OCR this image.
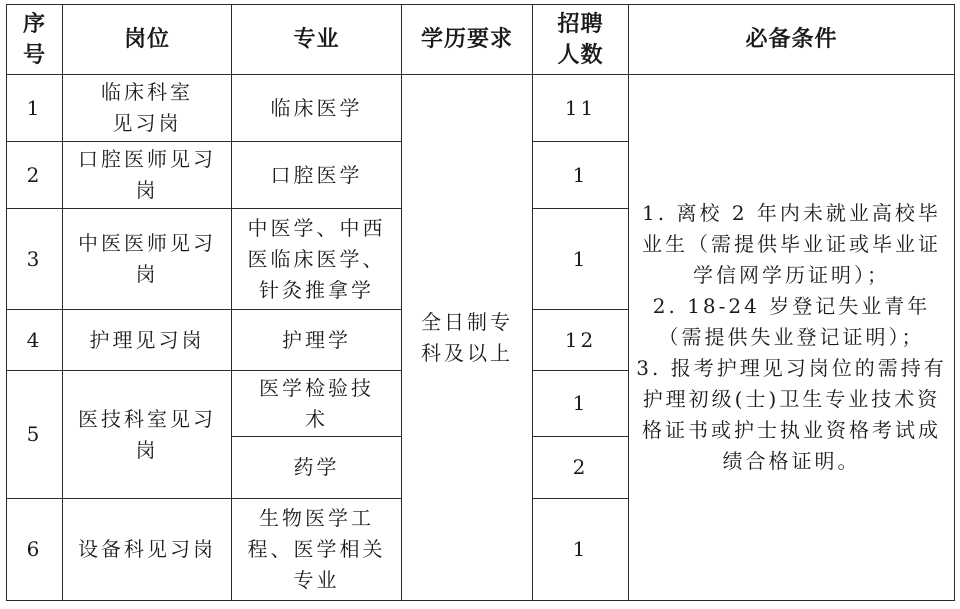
序号	岗位	专业	学历要求	招聘人数	必备条件
1	临床科室见习岗	临床医学	全日制专科及以上	11	1. 离校 2 年内未就业高校毕业生（需提供毕业证或毕业证学信网学历证明）；
2. 18-24 岁登记失业青年（需提供失业登记证明）；
3. 报考护理见习岗位的需持有护理初级(士)卫生专业技术资格证书或护士执业资格考试成绩合格证明。

2	口腔医师见习岗	口腔医学		1	
3	中医医师见习岗	中医学、中西医临床医学、针灸推拿学		1	
4	护理见习岗	护理学		12	
5	医技科室见习岗	医学检验技术		1	
		药学		2	
6	设备科见习岗	生物医学工程、医学相关专业		1	
